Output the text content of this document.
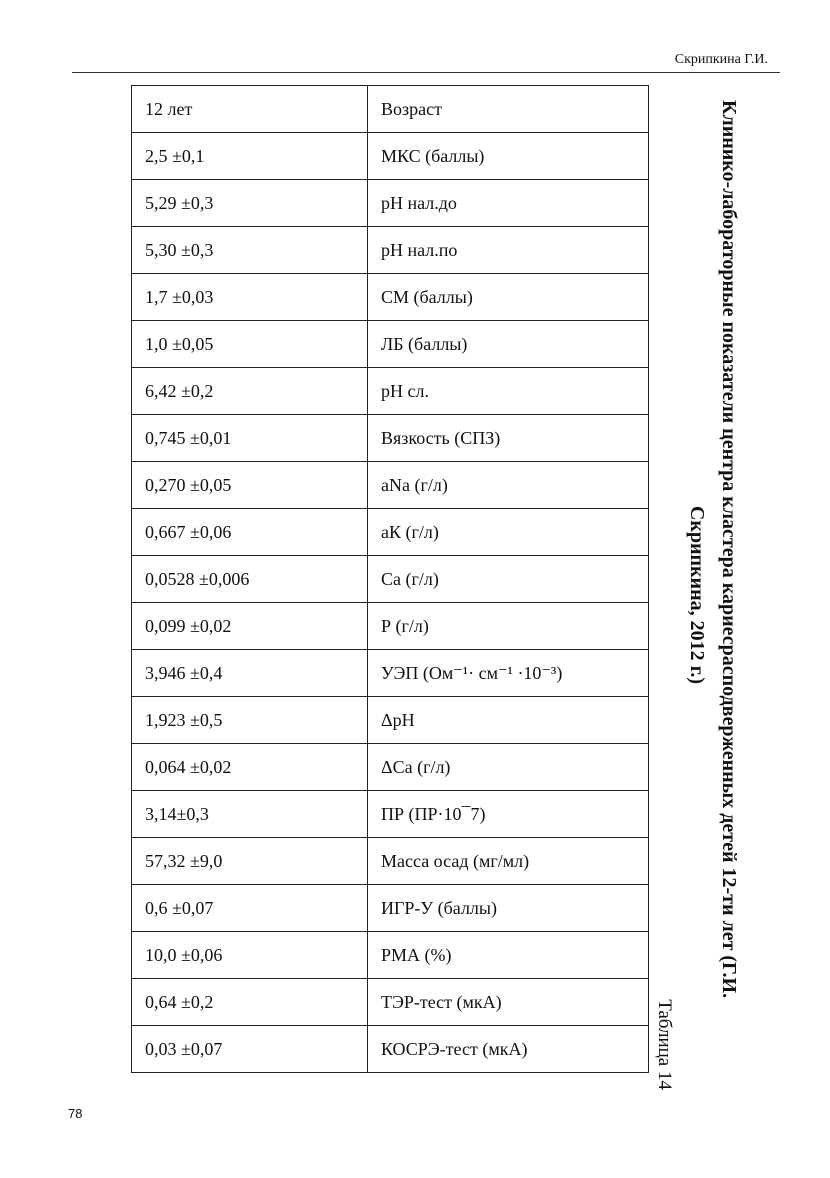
Скрипкина Г.И.
12 лет	Возраст
2,5 ±0,1	МКС (баллы)
5,29 ±0,3	рН нал.до
5,30 ±0,3	рН нал.по
1,7 ±0,03	СМ (баллы)
1,0 ±0,05	ЛБ (баллы)
6,42 ±0,2	рН сл.
0,745 ±0,01	Вязкость (СПЗ)
0,270 ±0,05	aNa (г/л)
0,667 ±0,06	аК (г/л)
0,0528 ±0,006	Са (г/л)
0,099 ±0,02	Р (г/л)
3,946 ±0,4	УЭП (Ом⁻¹· см⁻¹ ·10⁻³)
1,923 ±0,5	ΔрН
0,064 ±0,02	ΔСа (г/л)
3,14±0,3	ПР (ПР·10¯7)
57,32 ±9,0	Масса осад (мг/мл)
0,6 ±0,07	ИГР-У (баллы)
10,0 ±0,06	РМА (%)
0,64 ±0,2	ТЭР-тест (мкА)
0,03 ±0,07	КОСРЭ-тест (мкА)

Клинико-лабораторные показатели центра кластера кариесрасподверженных детей 12-ти лет (Г.И.
Скрипкина, 2012 г.)

Таблица 14
78
